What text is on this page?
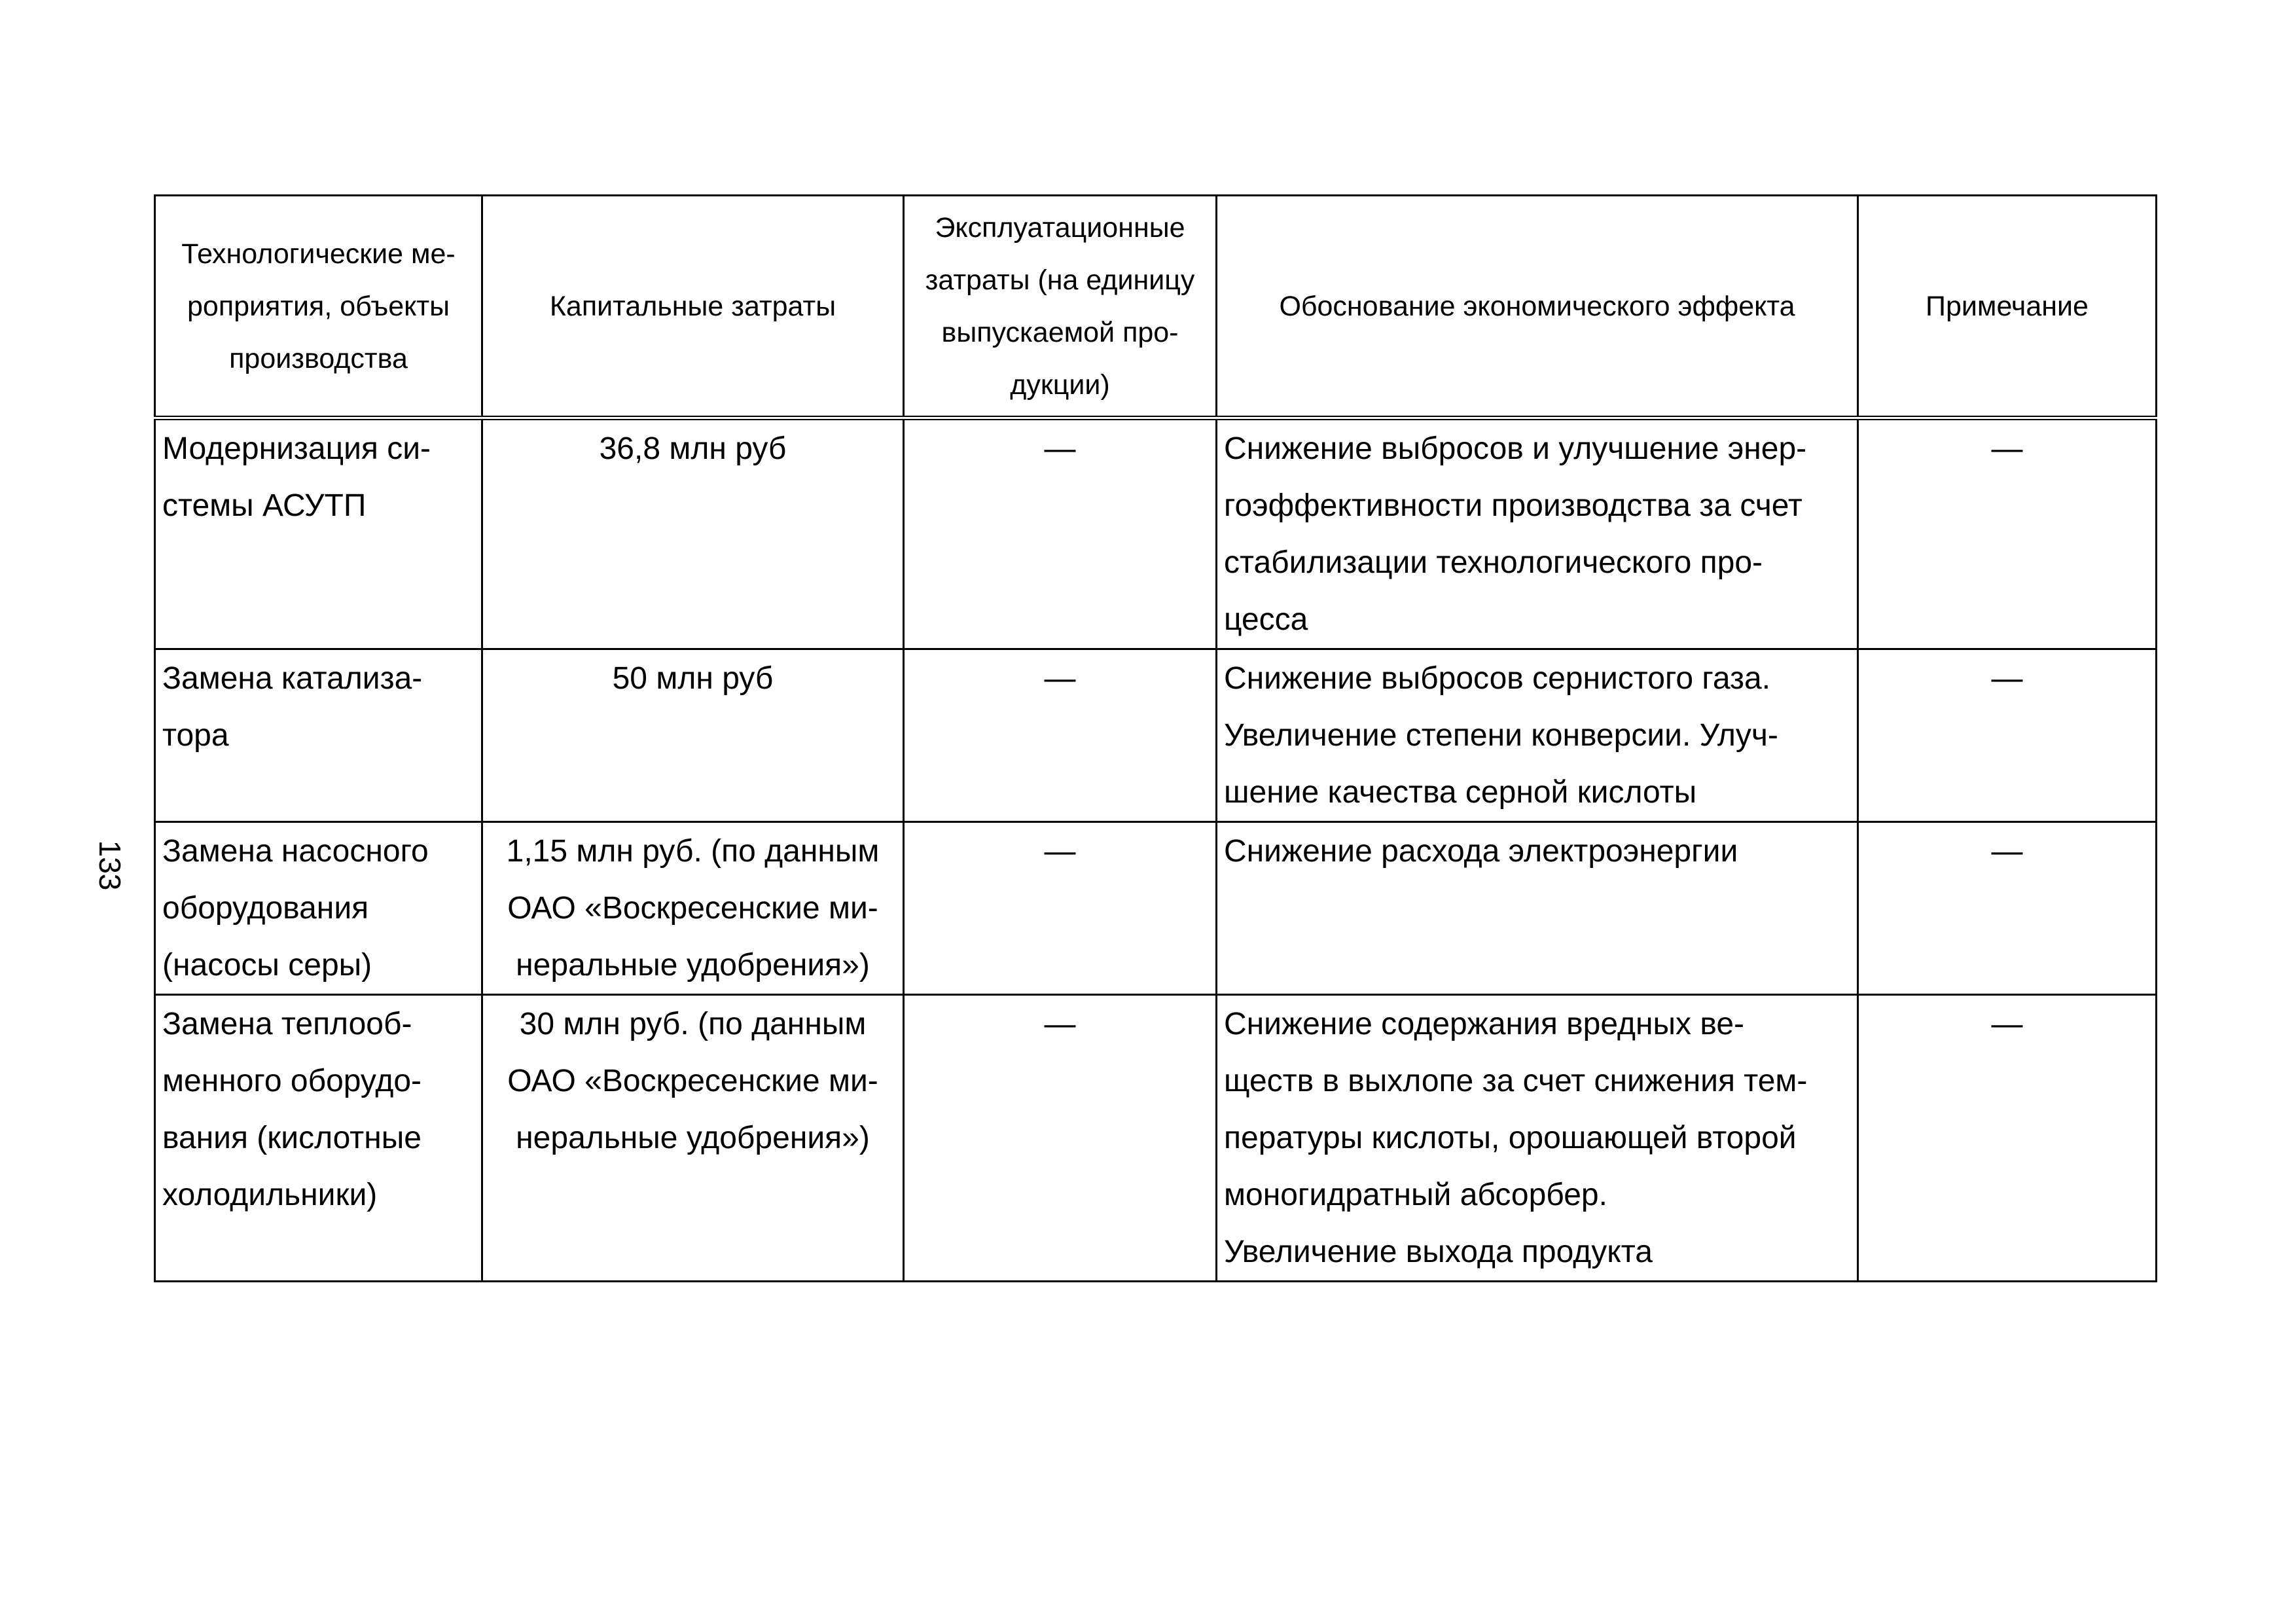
133
Технологические ме-
роприятия, объекты
производства	Капитальные затраты	Эксплуатационные
затраты (на единицу
выпускаемой про-
дукции)	Обоснование экономического эффекта	Примечание

Модернизация си-
стемы АСУТП	36,8 млн руб	—	Снижение выбросов и улучшение энер-
гоэффективности производства за счет
стабилизации технологического про-
цесса	—

Замена катализа-
тора	50 млн руб	—	Снижение выбросов сернистого газа.
Увеличение степени конверсии. Улуч-
шение качества серной кислоты	—

Замена насосного
оборудования
(насосы серы)	1,15 млн руб. (по данным
ОАО «Воскресенские ми-
неральные удобрения»)	—	Снижение расхода электроэнергии	—

Замена теплооб-
менного оборудо-
вания (кислотные
холодильники)	30 млн руб. (по данным
ОАО «Воскресенские ми-
неральные удобрения»)	—	Снижение содержания вредных ве-
ществ в выхлопе за счет снижения тем-
пературы кислоты, орошающей второй
моногидратный абсорбер.
Увеличение выхода продукта	—
